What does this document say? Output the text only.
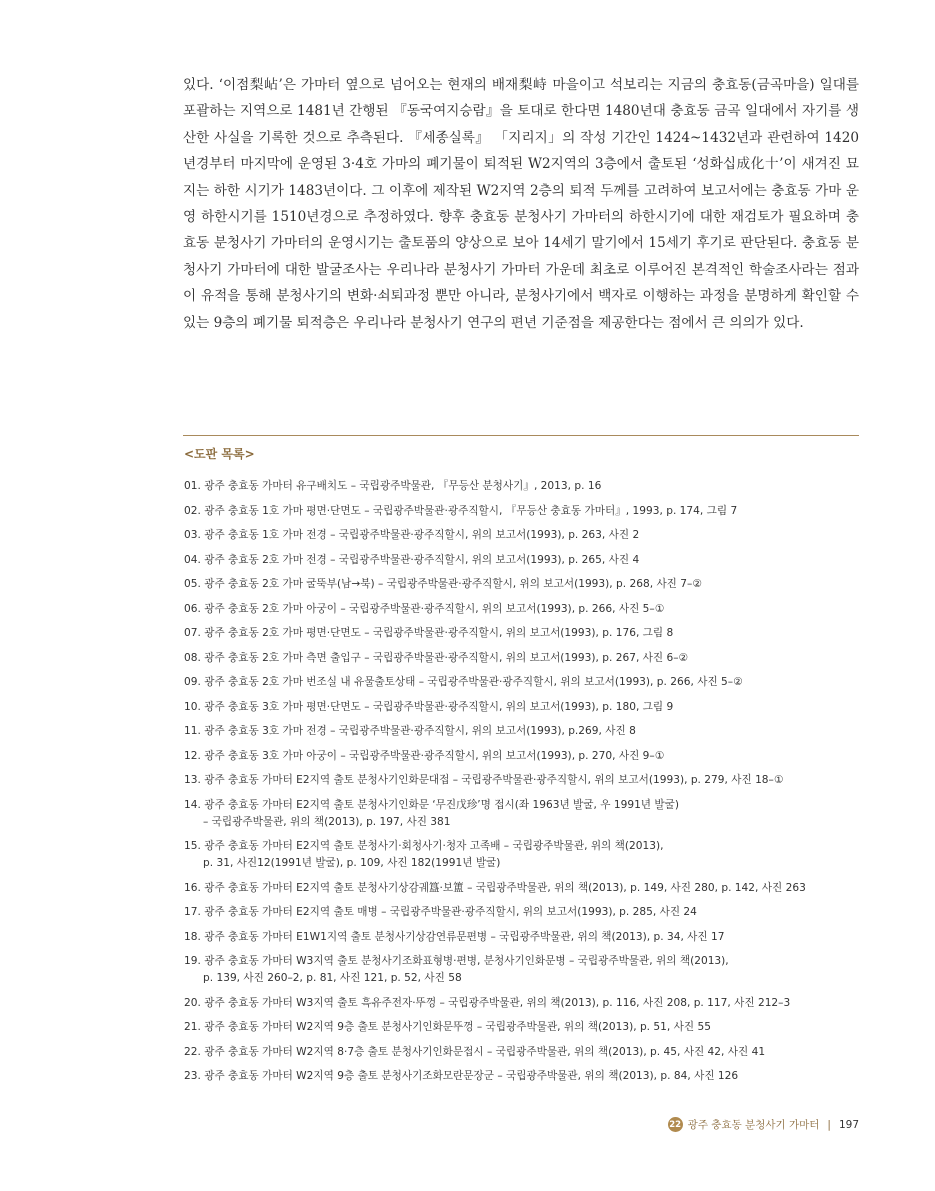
있다. ‘이점梨岾’은 가마터 옆으로 넘어오는 현재의 배재梨峙 마을이고 석보리는 지금의 충효동(금곡마을) 일대를 포괄하는 지역으로 1481년 간행된 『동국여지승람』을 토대로 한다면 1480년대 충효동 금곡 일대에서 자기를 생산한 사실을 기록한 것으로 추측된다. 『세종실록』 「지리지」의 작성 기간인 1424~1432년과 관련하여 1420년경부터 마지막에 운영된 3·4호 가마의 폐기물이 퇴적된 W2지역의 3층에서 출토된 ‘성화십成化十’이 새겨진 묘지는 하한 시기가 1483년이다. 그 이후에 제작된 W2지역 2층의 퇴적 두께를 고려하여 보고서에는 충효동 가마 운영 하한시기를 1510년경으로 추정하였다. 향후 충효동 분청사기 가마터의 하한시기에 대한 재검토가 필요하며 충효동 분청사기 가마터의 운영시기는 출토품의 양상으로 보아 14세기 말기에서 15세기 후기로 판단된다. 충효동 분청사기 가마터에 대한 발굴조사는 우리나라 분청사기 가마터 가운데 최초로 이루어진 본격적인 학술조사라는 점과 이 유적을 통해 분청사기의 변화·쇠퇴과정 뿐만 아니라, 분청사기에서 백자로 이행하는 과정을 분명하게 확인할 수 있는 9층의 폐기물 퇴적층은 우리나라 분청사기 연구의 편년 기준점을 제공한다는 점에서 큰 의의가 있다.

<도판 목록>
01. 광주 충효동 가마터 유구배치도 – 국립광주박물관, 『무등산 분청사기』, 2013, p. 16
02. 광주 충효동 1호 가마 평면·단면도 – 국립광주박물관·광주직할시, 『무등산 충효동 가마터』, 1993, p. 174, 그림 7
03. 광주 충효동 1호 가마 전경 – 국립광주박물관·광주직할시, 위의 보고서(1993), p. 263, 사진 2
04. 광주 충효동 2호 가마 전경 – 국립광주박물관·광주직할시, 위의 보고서(1993), p. 265, 사진 4
05. 광주 충효동 2호 가마 굴뚝부(남→북) – 국립광주박물관·광주직할시, 위의 보고서(1993), p. 268, 사진 7–②
06. 광주 충효동 2호 가마 아궁이 – 국립광주박물관·광주직할시, 위의 보고서(1993), p. 266, 사진 5–①
07. 광주 충효동 2호 가마 평면·단면도 – 국립광주박물관·광주직할시, 위의 보고서(1993), p. 176, 그림 8
08. 광주 충효동 2호 가마 측면 출입구 – 국립광주박물관·광주직할시, 위의 보고서(1993), p. 267, 사진 6–②
09. 광주 충효동 2호 가마 번조실 내 유물출토상태 – 국립광주박물관·광주직할시, 위의 보고서(1993), p. 266, 사진 5–②
10. 광주 충효동 3호 가마 평면·단면도 – 국립광주박물관·광주직할시, 위의 보고서(1993), p. 180, 그림 9
11. 광주 충효동 3호 가마 전경 – 국립광주박물관·광주직할시, 위의 보고서(1993), p.269, 사진 8
12. 광주 충효동 3호 가마 아궁이 – 국립광주박물관·광주직할시, 위의 보고서(1993), p. 270, 사진 9–①
13. 광주 충효동 가마터 E2지역 출토 분청사기인화문대접 – 국립광주박물관·광주직할시, 위의 보고서(1993), p. 279, 사진 18–①
14. 광주 충효동 가마터 E2지역 출토 분청사기인화문 ‘무진戊珍’명 접시(좌 1963년 발굴, 우 1991년 발굴)
– 국립광주박물관, 위의 책(2013), p. 197, 사진 381
15. 광주 충효동 가마터 E2지역 출토 분청사기·회청사기·청자 고족배 – 국립광주박물관, 위의 책(2013),
p. 31, 사진12(1991년 발굴), p. 109, 사진 182(1991년 발굴)
16. 광주 충효동 가마터 E2지역 출토 분청사기상감궤簋·보簠 – 국립광주박물관, 위의 책(2013), p. 149, 사진 280, p. 142, 사진 263
17. 광주 충효동 가마터 E2지역 출토 매병 – 국립광주박물관·광주직할시, 위의 보고서(1993), p. 285, 사진 24
18. 광주 충효동 가마터 E1W1지역 출토 분청사기상감연류문편병 – 국립광주박물관, 위의 책(2013), p. 34, 사진 17
19. 광주 충효동 가마터 W3지역 출토 분청사기조화표형병·편병, 분청사기인화문병 – 국립광주박물관, 위의 책(2013),
p. 139, 사진 260–2, p. 81, 사진 121, p. 52, 사진 58
20. 광주 충효동 가마터 W3지역 출토 흑유주전자·뚜껑 – 국립광주박물관, 위의 책(2013), p. 116, 사진 208, p. 117, 사진 212–3
21. 광주 충효동 가마터 W2지역 9층 출토 분청사기인화문뚜껑 – 국립광주박물관, 위의 책(2013), p. 51, 사진 55
22. 광주 충효동 가마터 W2지역 8·7층 출토 분청사기인화문접시 – 국립광주박물관, 위의 책(2013), p. 45, 사진 42, 사진 41
23. 광주 충효동 가마터 W2지역 9층 출토 분청사기조화모란문장군 – 국립광주박물관, 위의 책(2013), p. 84, 사진 126
22 광주 충효동 분청사기 가마터 | 197
